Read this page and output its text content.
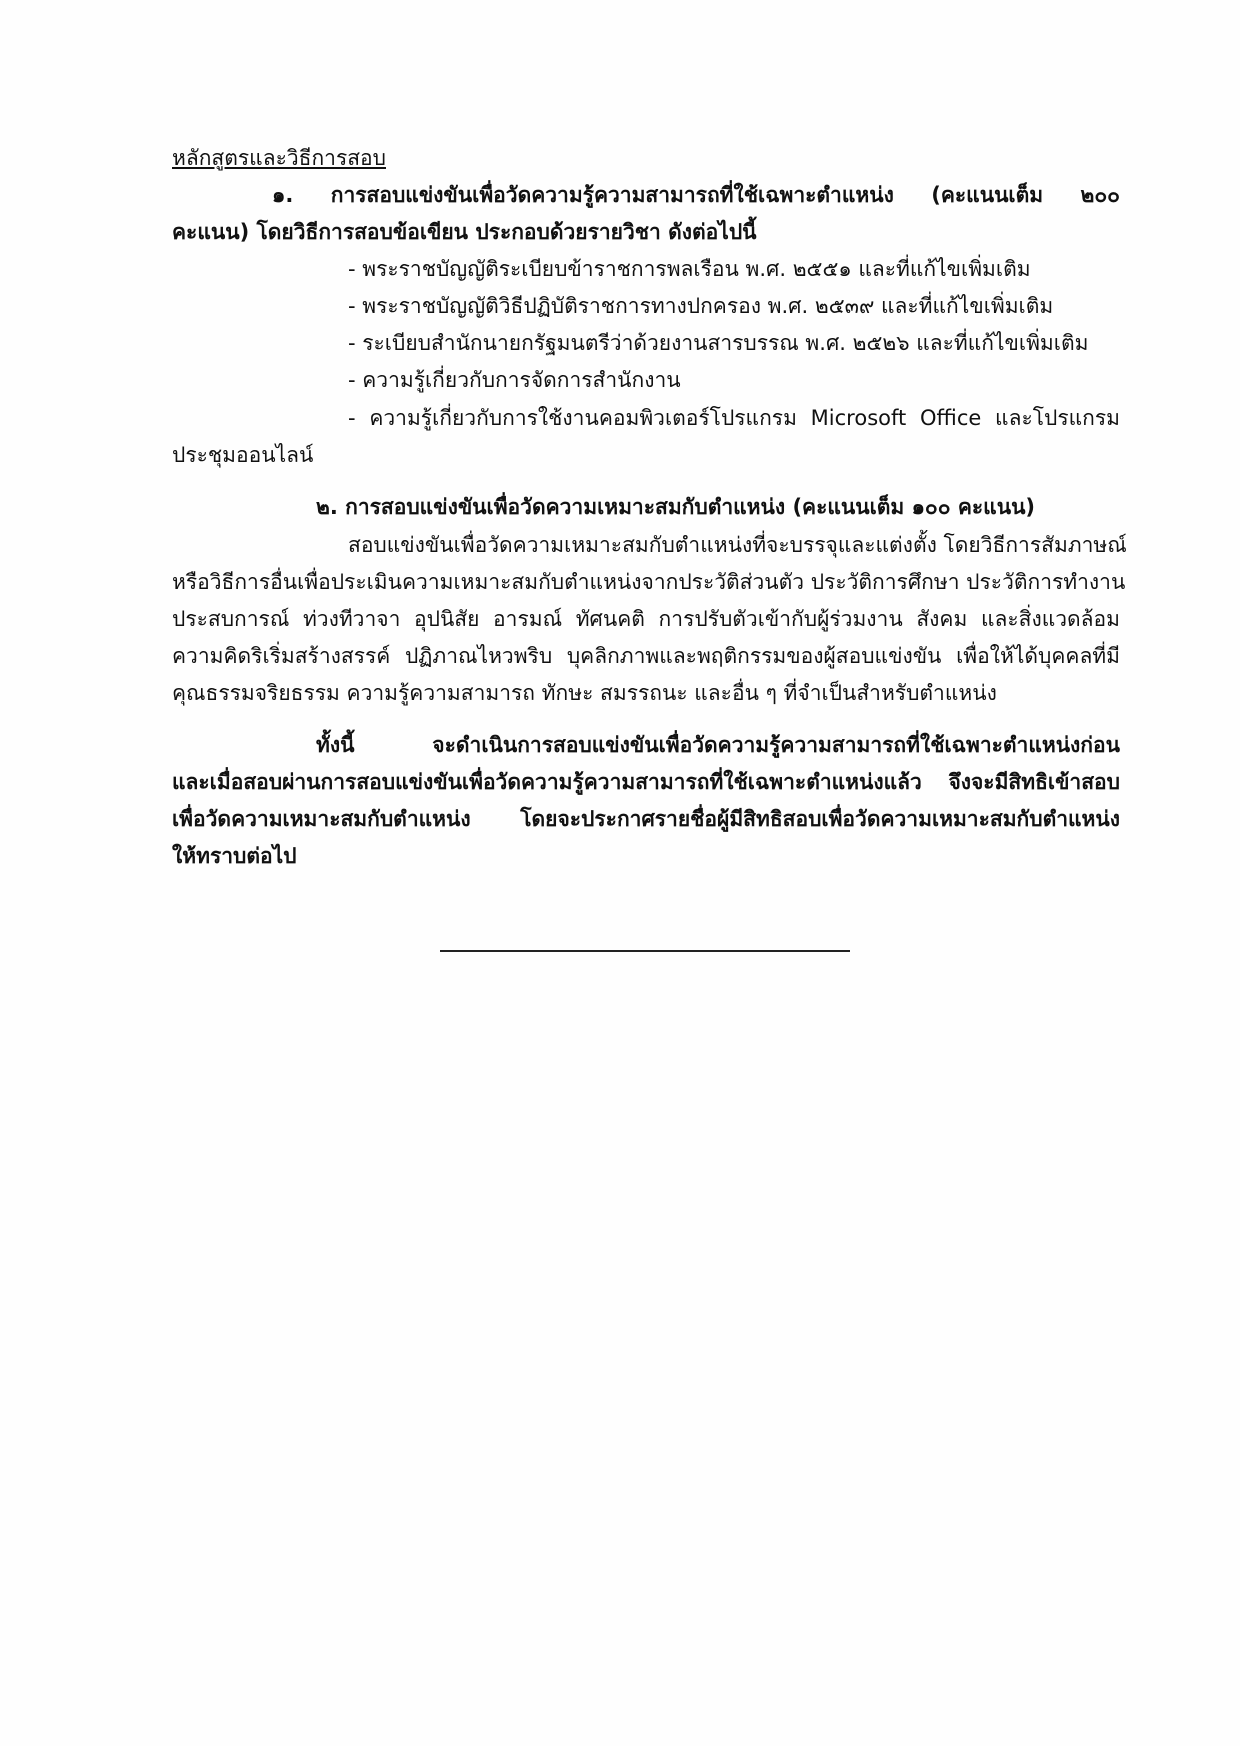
หลักสูตรและวิธีการสอบ
๑. การสอบแข่งขันเพื่อวัดความรู้ความสามารถที่ใช้เฉพาะตำแหน่ง (คะแนนเต็ม ๒๐๐
คะแนน) โดยวิธีการสอบข้อเขียน ประกอบด้วยรายวิชา ดังต่อไปนี้
- พระราชบัญญัติระเบียบข้าราชการพลเรือน พ.ศ. ๒๕๕๑ และที่แก้ไขเพิ่มเติม
- พระราชบัญญัติวิธีปฏิบัติราชการทางปกครอง พ.ศ. ๒๕๓๙ และที่แก้ไขเพิ่มเติม
- ระเบียบสำนักนายกรัฐมนตรีว่าด้วยงานสารบรรณ พ.ศ. ๒๕๒๖ และที่แก้ไขเพิ่มเติม
- ความรู้เกี่ยวกับการจัดการสำนักงาน
- ความรู้เกี่ยวกับการใช้งานคอมพิวเตอร์โปรแกรม Microsoft Office และโปรแกรม
ประชุมออนไลน์
๒. การสอบแข่งขันเพื่อวัดความเหมาะสมกับตำแหน่ง (คะแนนเต็ม ๑๐๐ คะแนน)
สอบแข่งขันเพื่อวัดความเหมาะสมกับตำแหน่งที่จะบรรจุและแต่งตั้ง โดยวิธีการสัมภาษณ์
หรือวิธีการอื่นเพื่อประเมินความเหมาะสมกับตำแหน่งจากประวัติส่วนตัว ประวัติการศึกษา ประวัติการทำงาน
ประสบการณ์ ท่วงทีวาจา อุปนิสัย อารมณ์ ทัศนคติ การปรับตัวเข้ากับผู้ร่วมงาน สังคม และสิ่งแวดล้อม
ความคิดริเริ่มสร้างสรรค์ ปฏิภาณไหวพริบ บุคลิกภาพและพฤติกรรมของผู้สอบแข่งขัน เพื่อให้ได้บุคคลที่มี
คุณธรรมจริยธรรม ความรู้ความสามารถ ทักษะ สมรรถนะ และอื่น ๆ ที่จำเป็นสำหรับตำแหน่ง
ทั้งนี้ จะดำเนินการสอบแข่งขันเพื่อวัดความรู้ความสามารถที่ใช้เฉพาะตำแหน่งก่อน
และเมื่อสอบผ่านการสอบแข่งขันเพื่อวัดความรู้ความสามารถที่ใช้เฉพาะตำแหน่งแล้ว จึงจะมีสิทธิเข้าสอบ
เพื่อวัดความเหมาะสมกับตำแหน่ง โดยจะประกาศรายชื่อผู้มีสิทธิสอบเพื่อวัดความเหมาะสมกับตำแหน่ง
ให้ทราบต่อไป
